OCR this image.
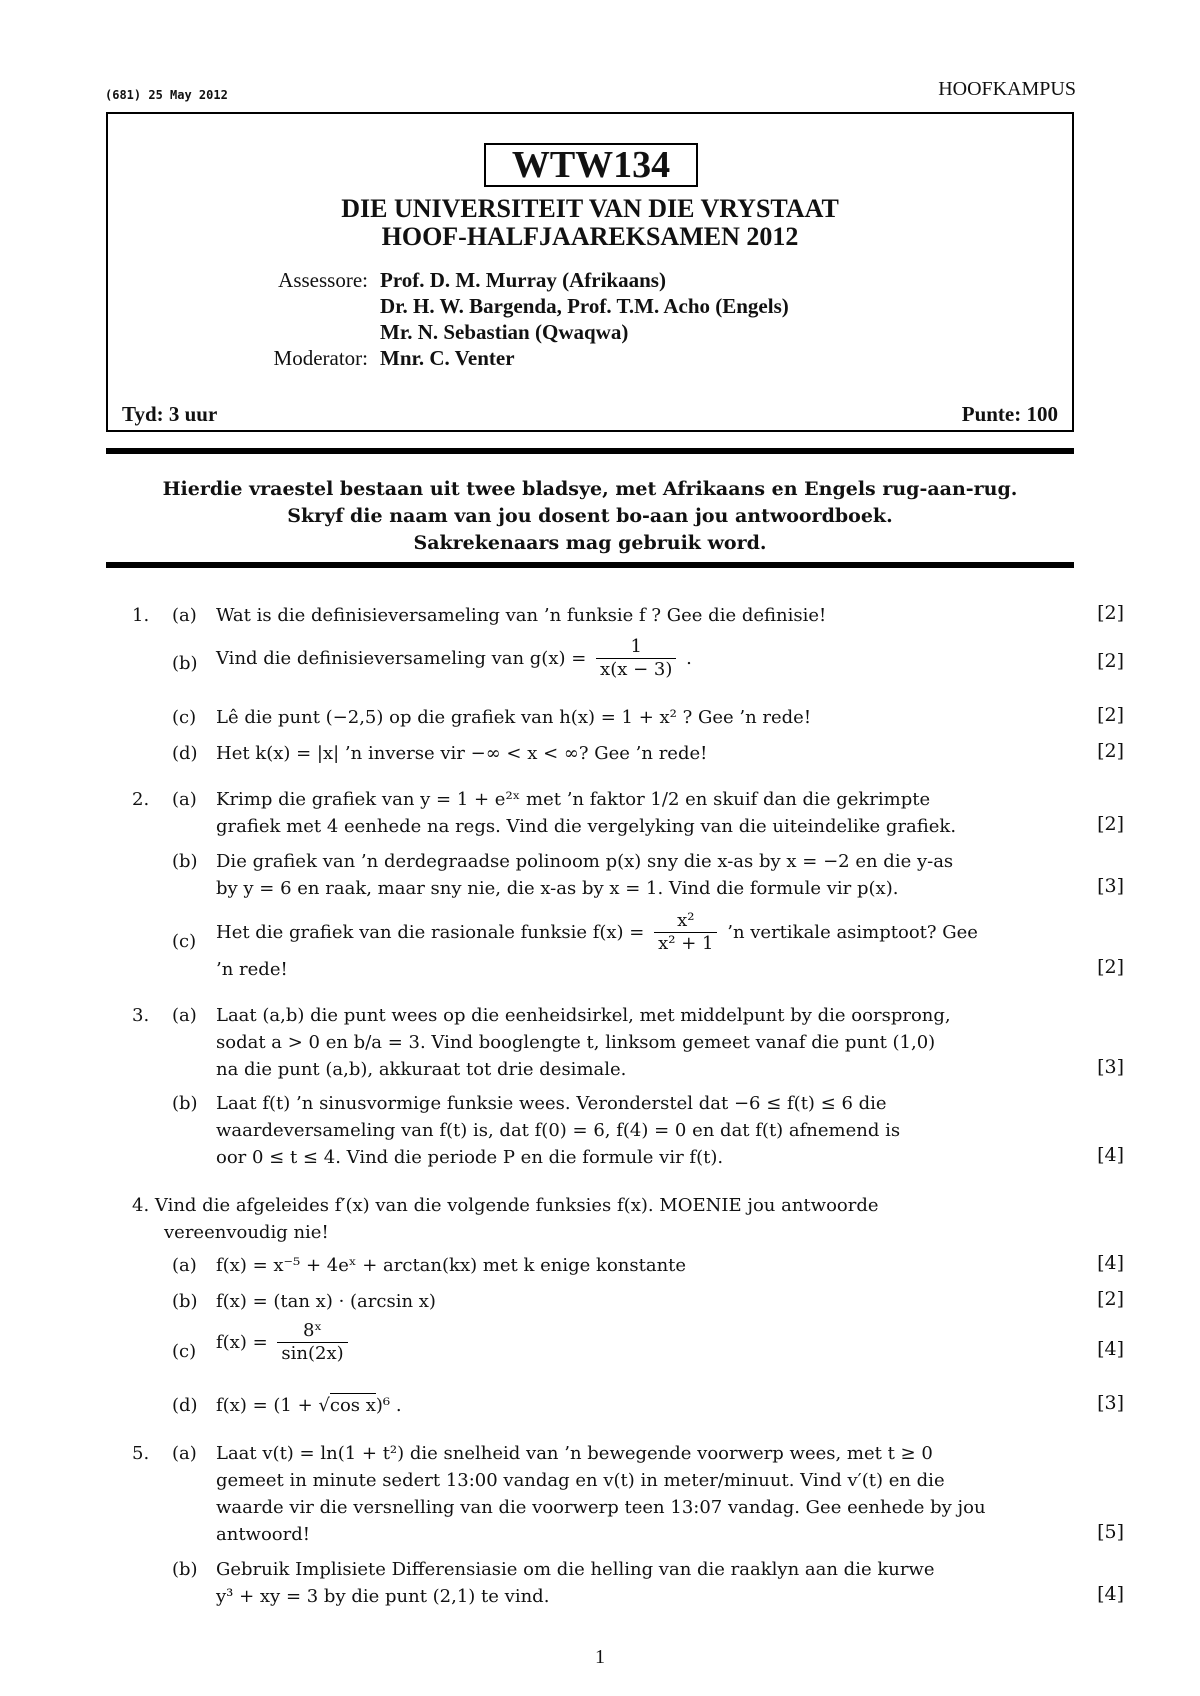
(681) 25 May 2012	HOOFKAMPUS
WTW134
DIE UNIVERSITEIT VAN DIE VRYSTAAT
HOOF-HALFJAAREKSAMEN 2012
Assessore: Prof. D. M. Murray (Afrikaans)
Dr. H. W. Bargenda, Prof. T.M. Acho (Engels)
Mr. N. Sebastian (Qwaqwa)
Moderator: Mnr. C. Venter
Tyd: 3 uur	Punte: 100
Hierdie vraestel bestaan uit twee bladsye, met Afrikaans en Engels rug-aan-rug.
Skryf die naam van jou dosent bo-aan jou antwoordboek.
Sakrekenaars mag gebruik word.
1. (a) Wat is die definisieversameling van ’n funksie f ? Gee die definisie!	[2]
(b) Vind die definisieversameling van $g(x) = \frac{1}{x(x - 3)}$ .	[2]
(c) Lê die punt (−2,5) op die grafiek van h(x) = 1 + x² ? Gee ’n rede!	[2]
(d) Het k(x) = |x| ’n inverse vir −∞ < x < ∞? Gee ’n rede!	[2]
2. (a) Krimp die grafiek van y = 1 + e²ˣ met ’n faktor 1/2 en skuif dan die gekrimpte
grafiek met 4 eenhede na regs. Vind die vergelyking van die uiteindelike grafiek.	[2]
(b) Die grafiek van ’n derdegraadse polinoom p(x) sny die x-as by x = −2 en die y-as
by y = 6 en raak, maar sny nie, die x-as by x = 1. Vind die formule vir p(x).	[3]
(c) Het die grafiek van die rasionale funksie $f(x) = \frac{\text{x²}}{\text{x² + 1}}$ ’n vertikale asimptoot? Gee
’n rede!	[2]
3. (a) Laat (a,b) die punt wees op die eenheidsirkel, met middelpunt by die oorsprong,
sodat a > 0 en b/a = 3. Vind booglengte t, linksom gemeet vanaf die punt (1,0)
na die punt (a,b), akkuraat tot drie desimale.	[3]
(b) Laat f(t) ’n sinusvormige funksie wees. Veronderstel dat −6 ≤ f(t) ≤ 6 die
waardeversameling van f(t) is, dat f(0) = 6, f(4) = 0 en dat f(t) afnemend is
oor 0 ≤ t ≤ 4. Vind die periode P en die formule vir f(t).	[4]
4. Vind die afgeleides f′(x) van die volgende funksies f(x). MOENIE jou antwoorde
vereenvoudig nie!
(a) f(x) = x⁻⁵ + 4eˣ + arctan(kx) met k enige konstante	[4]
(b) f(x) = (tan x) · (arcsin x)	[2]
(c) $f(x) = \frac{\text{8ˣ}}{\sin(2x)}$	[4]
(d) f(x) = (1 + √cos x)⁶ .	[3]
5. (a) Laat v(t) = ln(1 + t²) die snelheid van ’n bewegende voorwerp wees, met t ≥ 0
gemeet in minute sedert 13:00 vandag en v(t) in meter/minuut. Vind v′(t) en die
waarde vir die versnelling van die voorwerp teen 13:07 vandag. Gee eenhede by jou
antwoord!	[5]
(b) Gebruik Implisiete Differensiasie om die helling van die raaklyn aan die kurwe
y³ + xy = 3 by die punt (2,1) te vind.	[4]
1
